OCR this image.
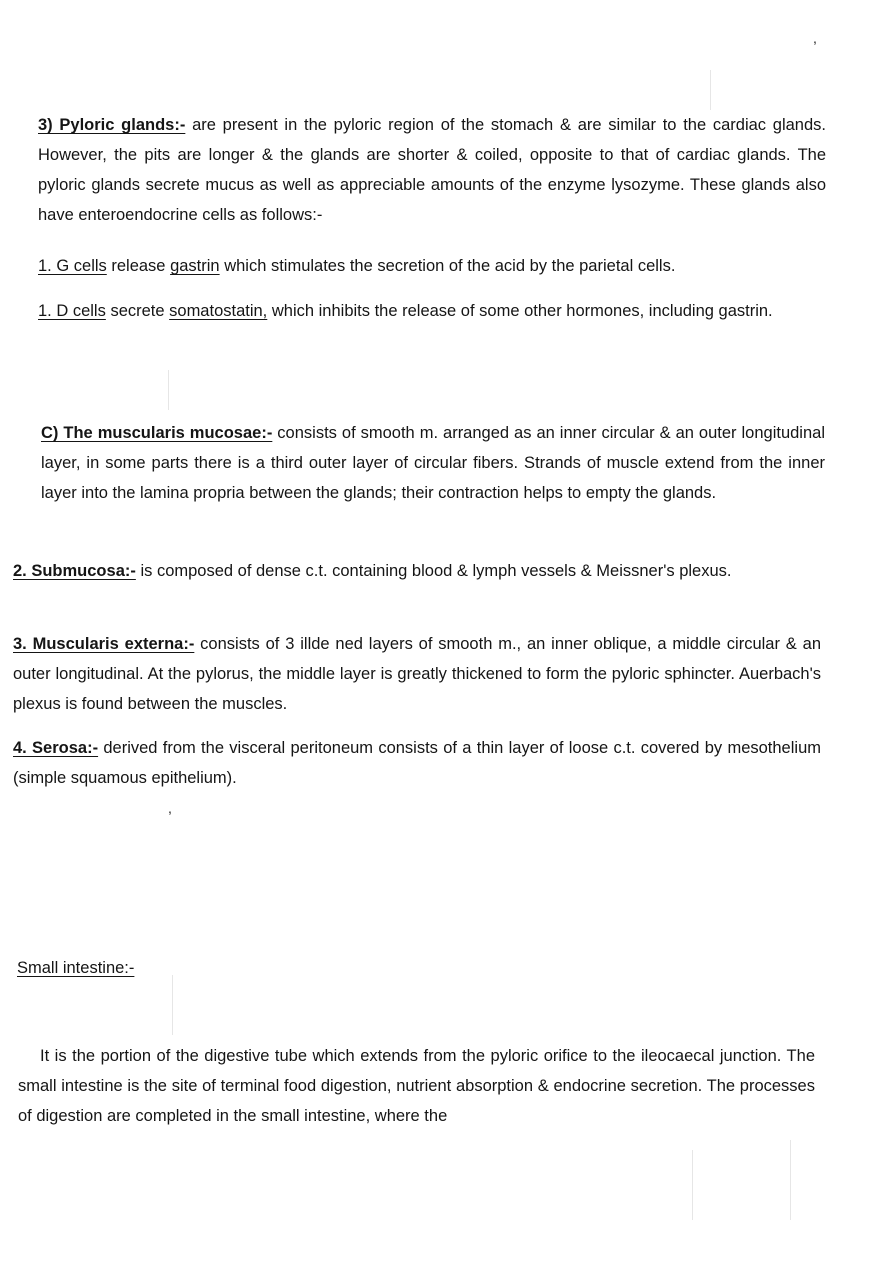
,
,
3) Pyloric glands:- are present in the pyloric region of the stomach & are similar to the cardiac glands. However, the pits are longer & the glands are shorter & coiled, opposite to that of cardiac glands. The pyloric glands secrete mucus as well as appreciable amounts of the enzyme lysozyme. These glands also have enteroendocrine cells as follows:-
1. G cells release gastrin which stimulates the secretion of the acid by the parietal cells.
1. D cells secrete somatostatin, which inhibits the release of some other hormones, including gastrin.
C) The muscularis mucosae:- consists of smooth m. arranged as an inner circular & an outer longitudinal layer, in some parts there is a third outer layer of circular fibers. Strands of muscle extend from the inner layer into the lamina propria between the glands; their contraction helps to empty the glands.
2. Submucosa:- is composed of dense c.t. containing blood & lymph vessels & Meissner's plexus.
3. Muscularis externa:- consists of 3 illde ned layers of smooth m., an inner oblique, a middle circular & an outer longitudinal. At the pylorus, the middle layer is greatly thickened to form the pyloric sphincter. Auerbach's plexus is found between the muscles.
4. Serosa:- derived from the visceral peritoneum consists of a thin layer of loose c.t. covered by mesothelium (simple squamous epithelium).
Small intestine:-
It is the portion of the digestive tube which extends from the pyloric orifice to the ileocaecal junction. The small intestine is the site of terminal food digestion, nutrient absorption & endocrine secretion. The processes of digestion are completed in the small intestine, where the
